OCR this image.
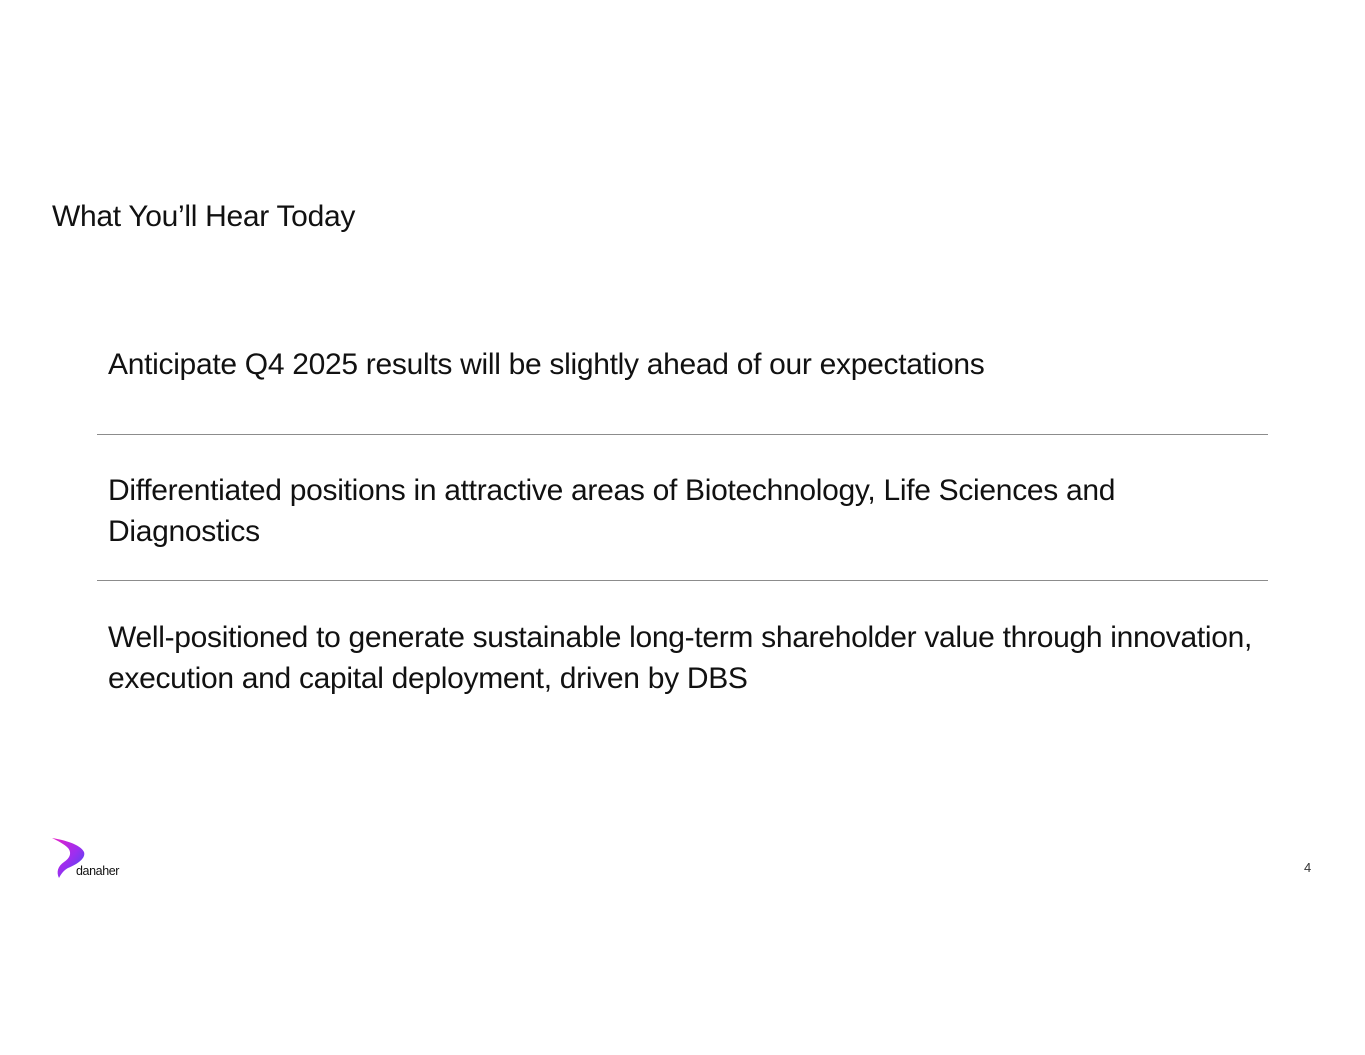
What You’ll Hear Today

Anticipate Q4 2025 results will be slightly ahead of our expectations

Differentiated positions in attractive areas of Biotechnology, Life Sciences and Diagnostics

Well-positioned to generate sustainable long-term shareholder value through innovation, execution and capital deployment, driven by DBS

danaher	4
